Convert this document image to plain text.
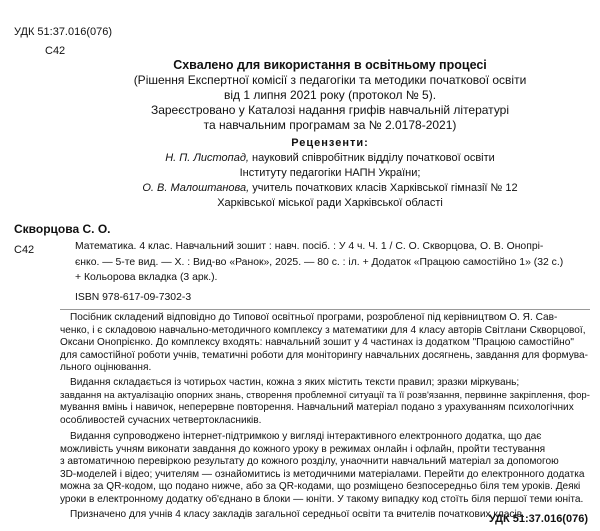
УДК 51:37.016(076)
С42
Схвалено для використання в освітньому процесі
(Рішення Експертної комісії з педагогіки та методики початкової освіти
від 1 липня 2021 року (протокол № 5).
Зареєстровано у Каталозі надання грифів навчальній літературі
та навчальним програмам за № 2.0178-2021)
Рецензенти:
Н. П. Листопад, науковий співробітник відділу початкової освіти
Інституту педагогіки НАПН України;
О. В. Малоштанова, учитель початкових класів Харківської гімназії № 12
Харківської міської ради Харківської області
Скворцова С. О.
С42	Математика. 4 клас. Навчальний зошит : навч. посіб. : У 4 ч. Ч. 1 / С. О. Скворцова, О. В. Онопрі-
єнко. — 5-те вид. — Х. : Вид-во «Ранок», 2025. — 80 с. : іл. + Додаток «Працюю самостійно 1» (32 с.)
+ Кольорова вкладка (3 арк.).
ISBN 978-617-09-7302-3
Посібник складений відповідно до Типової освітньої програми, розробленої під керівництвом О. Я. Сав-
ченко, і є складовою навчально-методичного комплексу з математики для 4 класу авторів Світлани Скворцової,
Оксани Онопрієнко. До комплексу входять: навчальний зошит у 4 частинах із додатком "Працюю самостійно"
для самостійної роботи учнів, тематичні роботи для моніторингу навчальних досягнень, завдання для формува-
льного оцінювання.
Видання складається із чотирьох частин, кожна з яких містить тексти правил; зразки міркувань;
завдання на актуалізацію опорних знань, створення проблемної ситуації та її розв'язання, первинне закріплення, фор-
мування вмінь і навичок, неперервне повторення. Навчальний матеріал подано з урахуванням психологічних
особливостей сучасних четвертокласників.
Видання супроводжено інтернет-підтримкою у вигляді інтерактивного електронного додатка, що дає
можливість учням виконати завдання до кожного уроку в режимах онлайн і офлайн, пройти тестування
з автоматичною перевіркою результату до кожного розділу, унаочнити навчальний матеріал за допомогою
3D-моделей і відео; учителям — ознайомитись із методичними матеріалами. Перейти до електронного додатка
можна за QR-кодом, що подано нижче, або за QR-кодами, що розміщено безпосередньо біля тем уроків. Деякі
уроки в електронному додатку об'єднано в блоки — юніти. У такому випадку код стоїть біля першої теми юніта.
Призначено для учнів 4 класу закладів загальної середньої освіти та вчителів початкових класів.
УДК 51:37.016(076)
